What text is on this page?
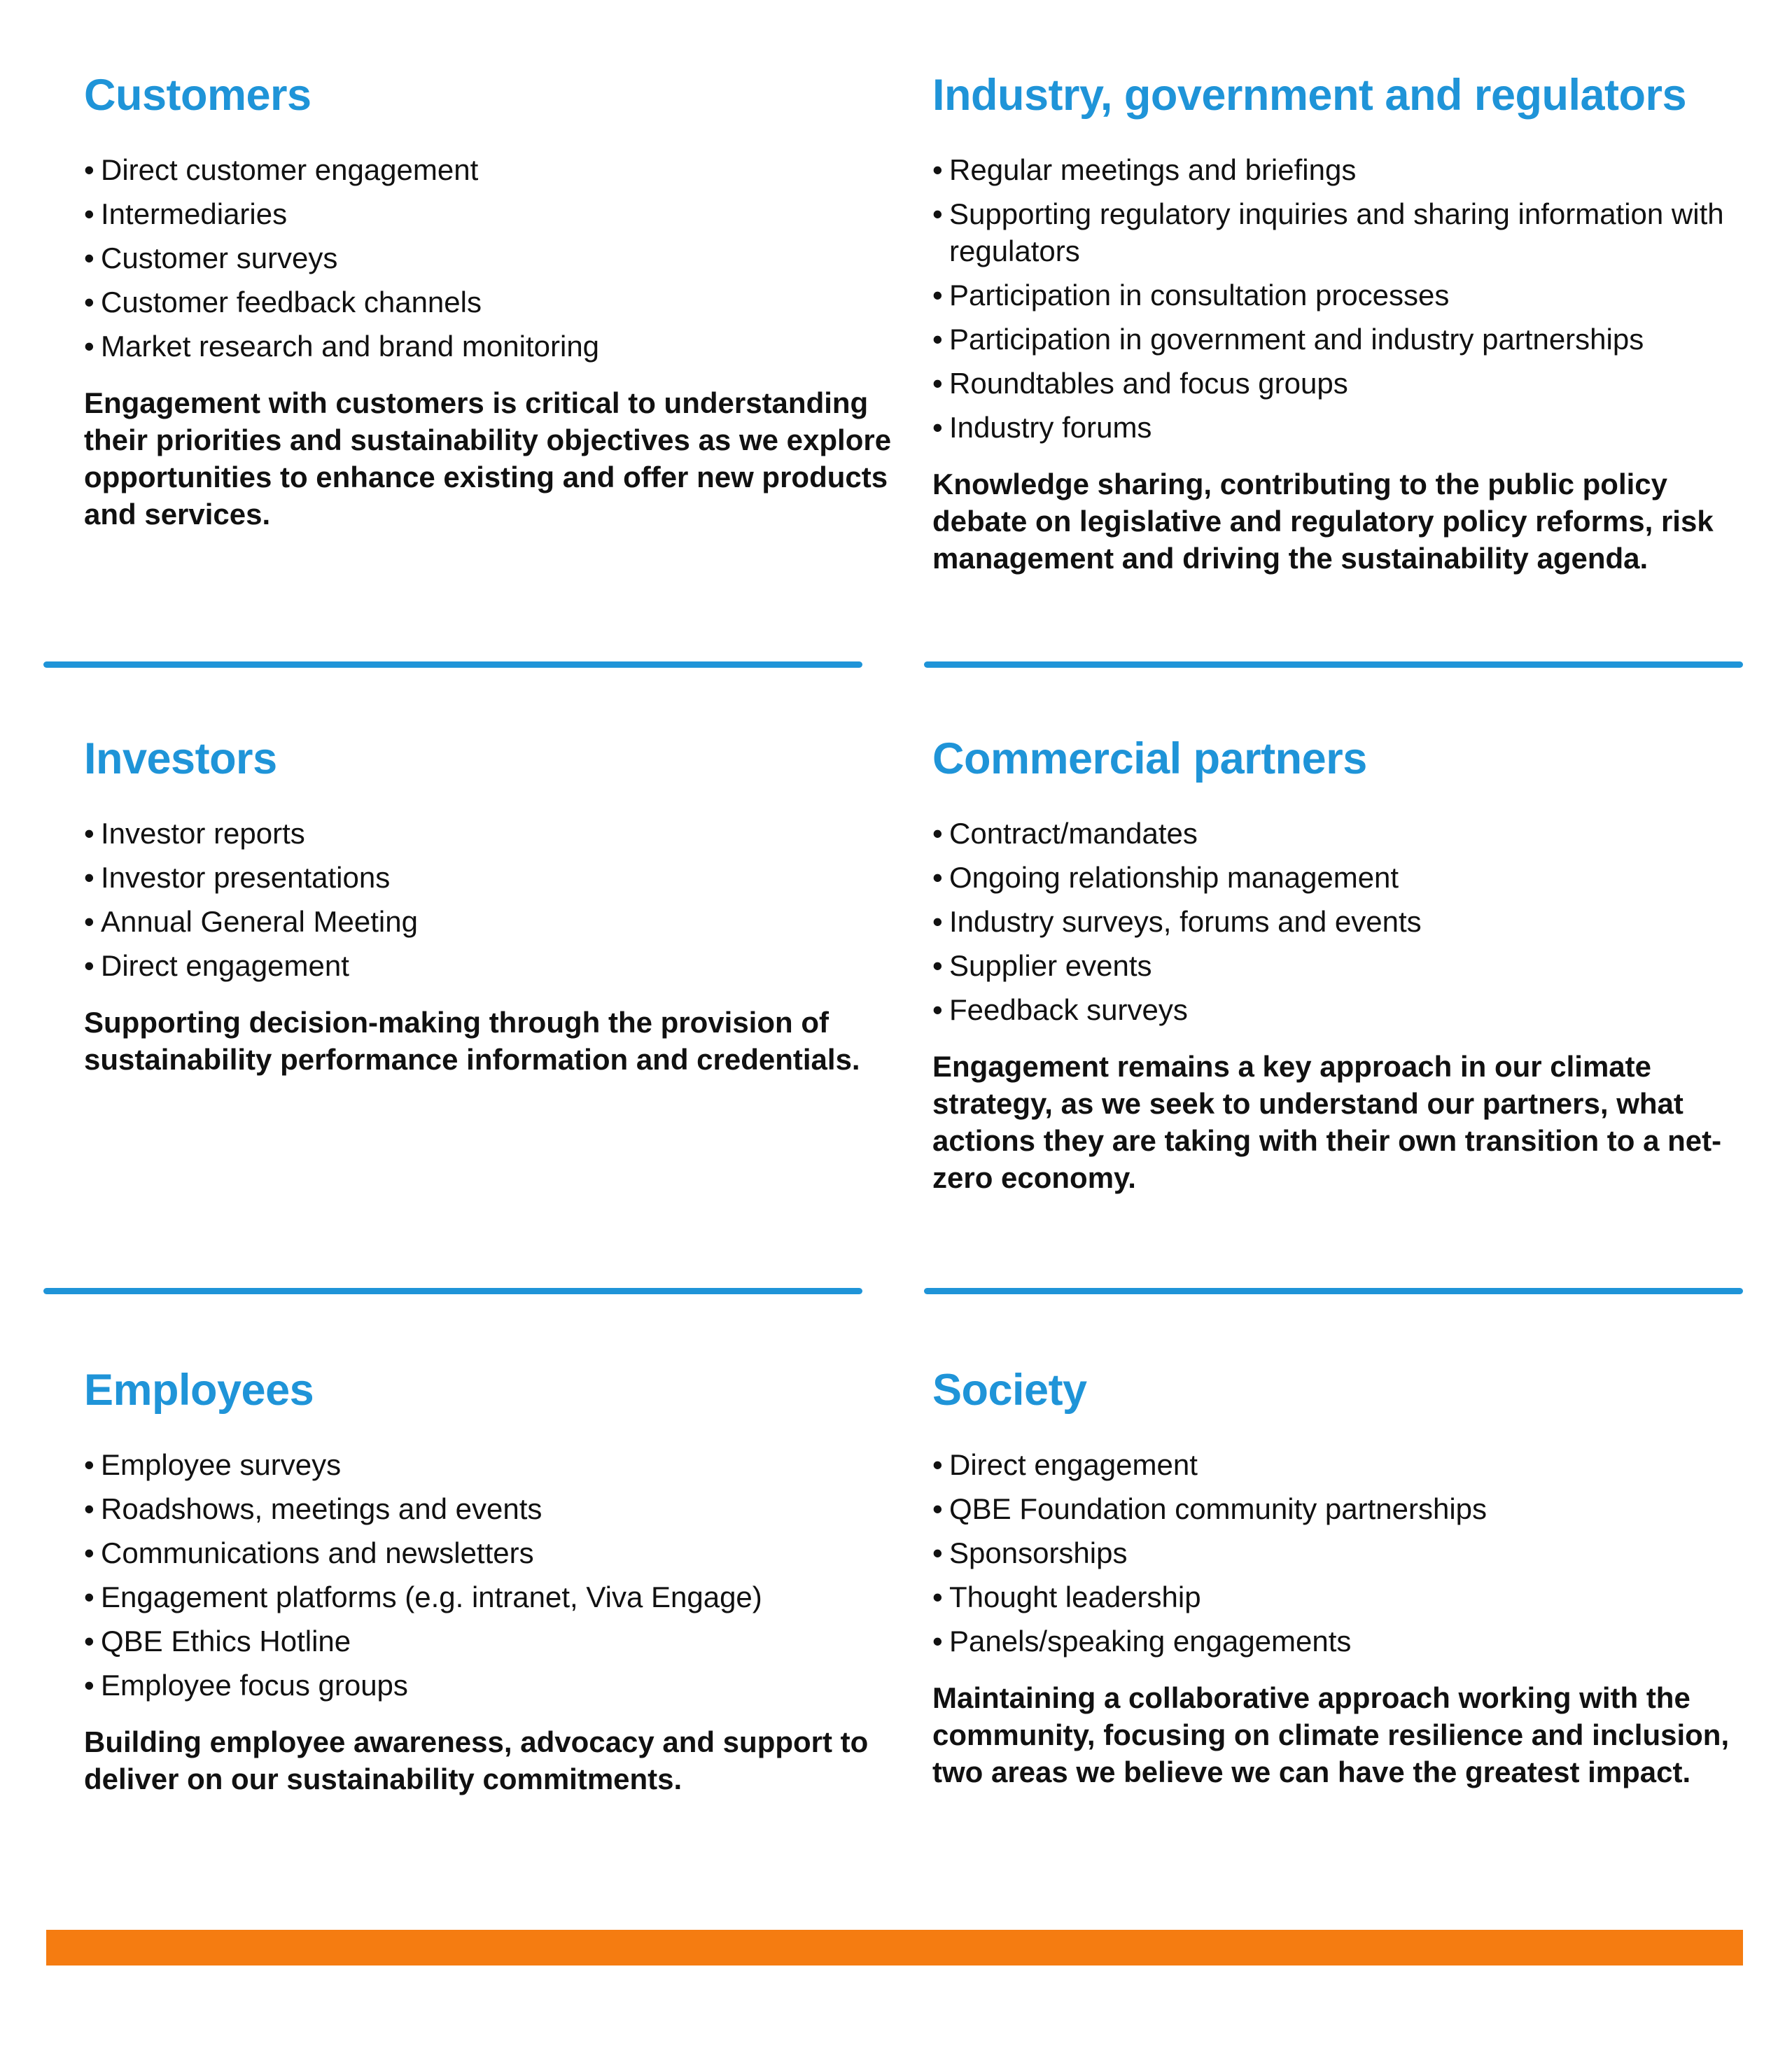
Customers
• Direct customer engagement
• Intermediaries
• Customer surveys
• Customer feedback channels
• Market research and brand monitoring

Engagement with customers is critical to understanding their priorities and sustainability objectives as we explore opportunities to enhance existing and offer new products and services.

Industry, government and regulators
• Regular meetings and briefings
• Supporting regulatory inquiries and sharing information with regulators
• Participation in consultation processes
• Participation in government and industry partnerships
• Roundtables and focus groups
• Industry forums

Knowledge sharing, contributing to the public policy debate on legislative and regulatory policy reforms, risk management and driving the sustainability agenda.

Investors
• Investor reports
• Investor presentations
• Annual General Meeting
• Direct engagement

Supporting decision-making through the provision of sustainability performance information and credentials.

Commercial partners
• Contract/mandates
• Ongoing relationship management
• Industry surveys, forums and events
• Supplier events
• Feedback surveys

Engagement remains a key approach in our climate strategy, as we seek to understand our partners, what actions they are taking with their own transition to a net-zero economy.

Employees
• Employee surveys
• Roadshows, meetings and events
• Communications and newsletters
• Engagement platforms (e.g. intranet, Viva Engage)
• QBE Ethics Hotline
• Employee focus groups

Building employee awareness, advocacy and support to deliver on our sustainability commitments.

Society
• Direct engagement
• QBE Foundation community partnerships
• Sponsorships
• Thought leadership
• Panels/speaking engagements

Maintaining a collaborative approach working with the community, focusing on climate resilience and inclusion, two areas we believe we can have the greatest impact.
